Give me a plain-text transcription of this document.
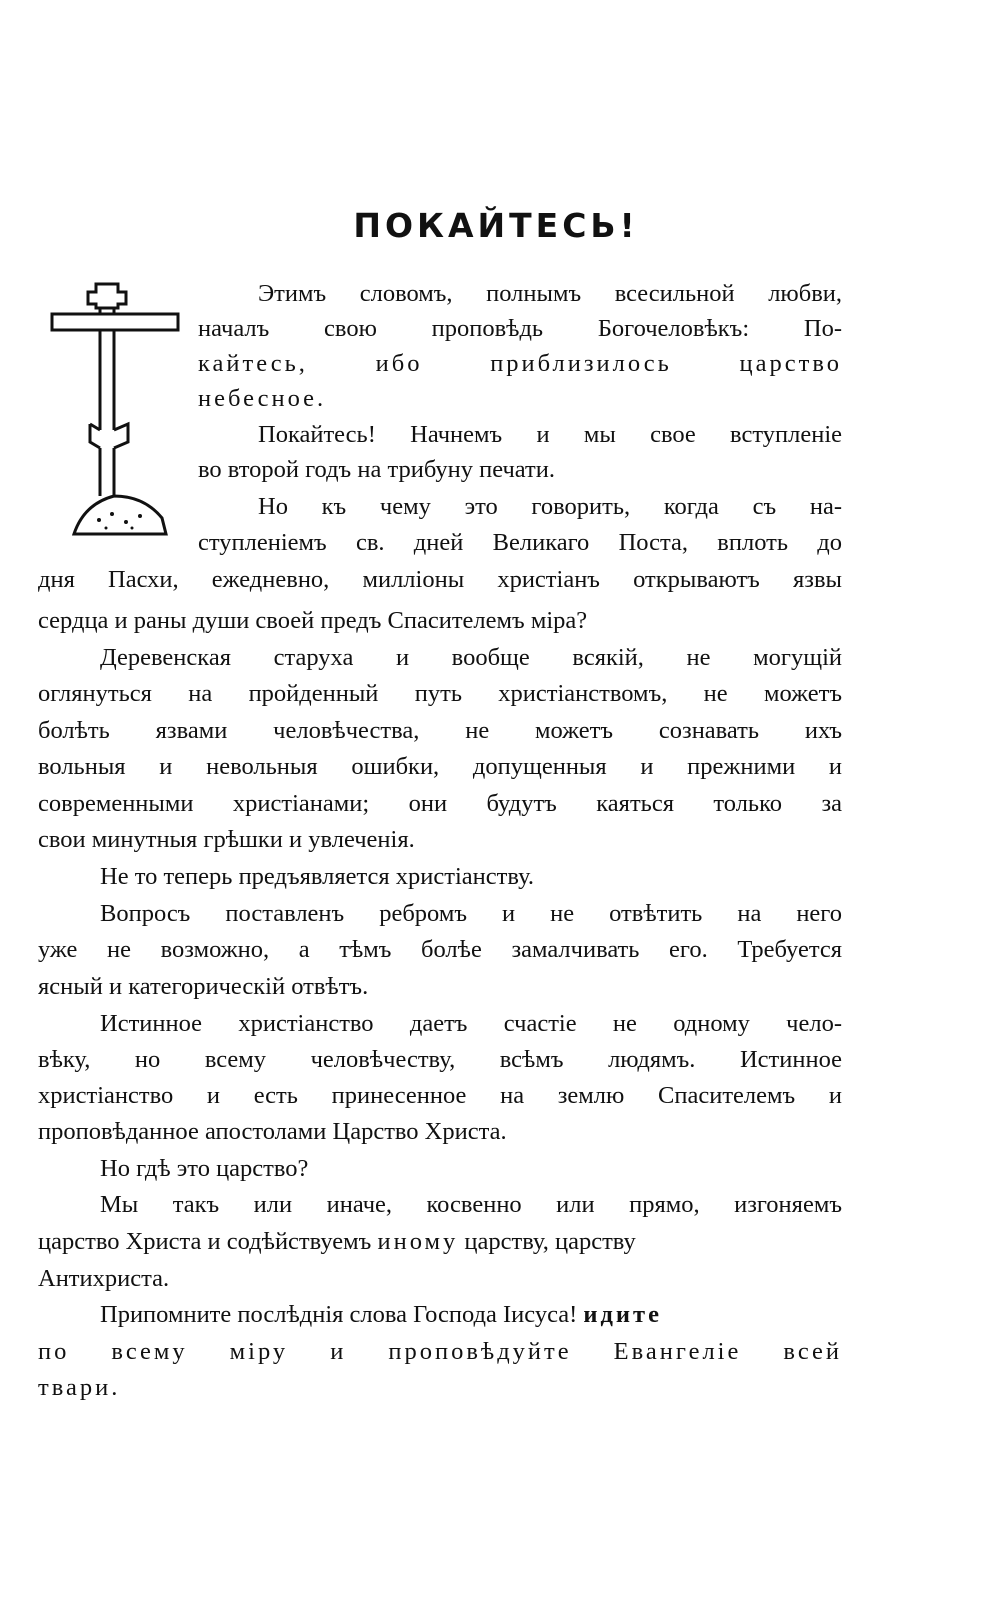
ПОКАЙТЕСЬ!
Этимъ словомъ, полнымъ всесильной любви,
началъ свою проповѣдь Богочеловѣкъ: По-
кайтесь, ибо приблизилось царство
небесное.
Покайтесь! Начнемъ и мы свое вступленіе
во второй годъ на трибуну печати.
Но къ чему это говорить, когда съ на-
ступленіемъ св. дней Великаго Поста, вплоть до
дня Пасхи, ежедневно, милліоны христіанъ открываютъ язвы
сердца и раны души своей предъ Спасителемъ міра?
Деревенская старуха и вообще всякій, не могущій
оглянуться на пройденный путь христіанствомъ, не можетъ
болѣть язвами человѣчества, не можетъ сознавать ихъ
вольныя и невольныя ошибки, допущенныя и прежними и
современными христіанами; они будутъ каяться только за
свои минутныя грѣшки и увлеченія.
Не то теперь предъявляется христіанству.
Вопросъ поставленъ ребромъ и не отвѣтить на него
уже не возможно, а тѣмъ болѣе замалчивать его. Требуется
ясный и категорическій отвѣтъ.
Истинное христіанство даетъ счастіе не одному чело-
вѣку, но всему человѣчеству, всѣмъ людямъ. Истинное
христіанство и есть принесенное на землю Спасителемъ и
проповѣданное апостолами Царство Христа.
Но гдѣ это царство?
Мы такъ или иначе, косвенно или прямо, изгоняемъ
царство Христа и содѣйствуемъ иному царству, царству
Антихриста.
Припомните послѣднія слова Господа Іисуса! идите
по всему міру и проповѣдуйте Евангеліе всей
твари.
